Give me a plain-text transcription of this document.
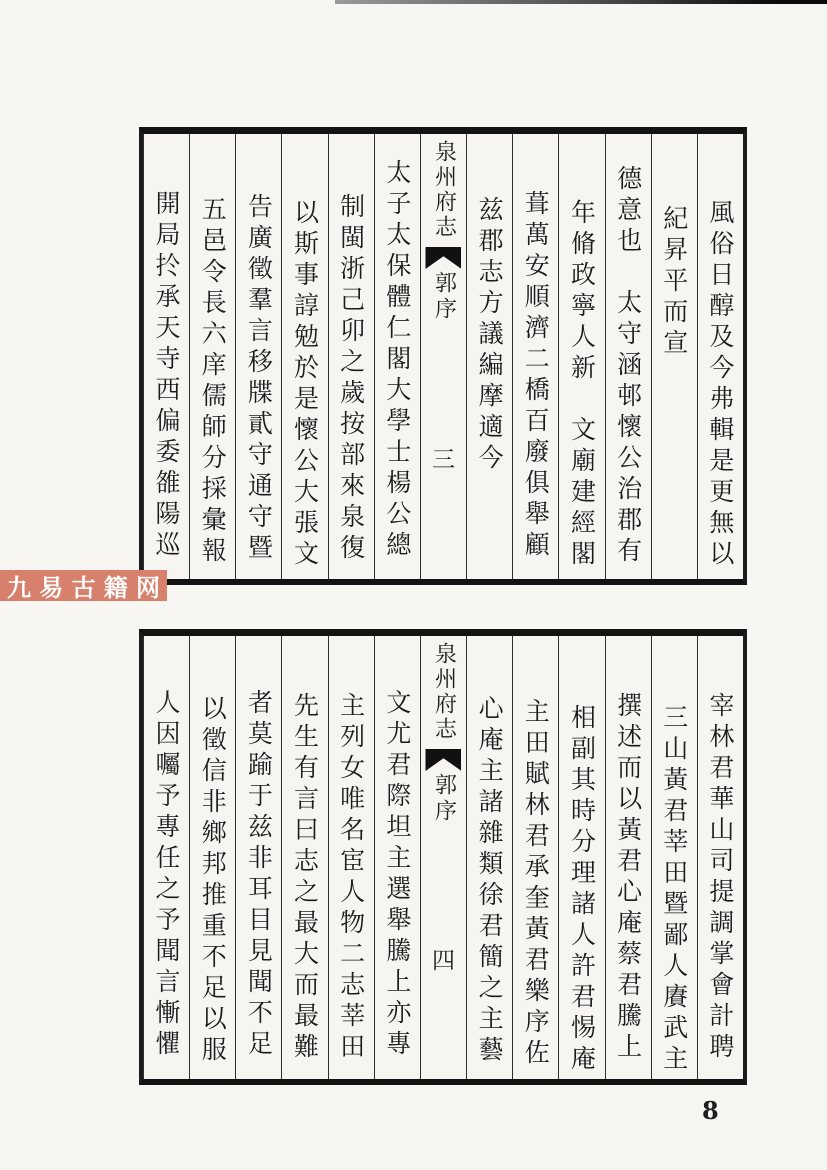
風俗日醇及今弗輯是更無以
紀昇平而宣
德意也　太守涵邨懷公治郡有
年脩政寧人新　文廟建經閣
葺萬安順濟二橋百廢俱舉顧
兹郡志方議編摩適今
泉州府志
郭序
三
太子太保體仁閣大學士楊公總
制閩浙己卯之歲按部來泉復
以斯事諄勉於是懷公大張文
告廣徵羣言移牒貳守通守暨
五邑令長六庠儒師分採彙報
開局扵承天寺西偏委雒陽巡
宰林君華山司提調掌會計聘
三山黃君莘田暨鄙人賡武主
撰述而以黃君心庵蔡君騰上
相副其時分理諸人許君惕庵
主田賦林君承奎黃君樂序佐
心庵主諸雜類徐君簡之主藝
泉州府志
郭序
四
文尤君際坦主選舉騰上亦專
主列女唯名宦人物二志莘田
先生有言曰志之最大而最難
者莫踰于兹非耳目見聞不足
以徵信非鄉邦推重不足以服
人因囑予專任之予聞言慚懼
九 易 古 籍 网
8
